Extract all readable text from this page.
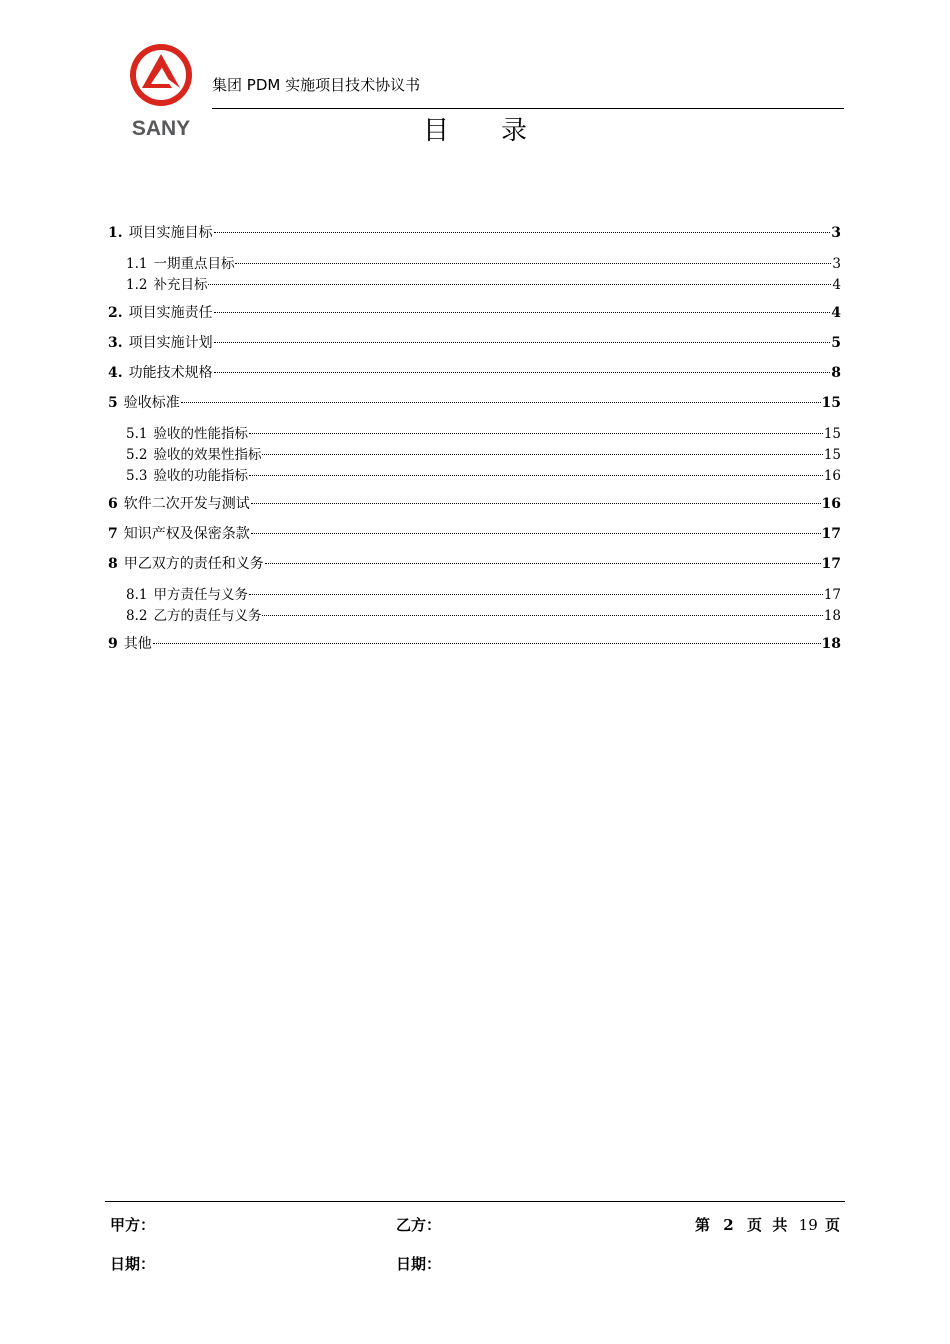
SANY
集团 PDM 实施项目技术协议书
目录
1. 项目实施目标	3
1.1 一期重点目标	3
1.2 补充目标	4
2. 项目实施责任	4
3. 项目实施计划	5
4. 功能技术规格	8
5 验收标准	15
5.1 验收的性能指标	15
5.2 验收的效果性指标	15
5.3 验收的功能指标	16
6 软件二次开发与测试	16
7 知识产权及保密条款	17
8 甲乙双方的责任和义务	17
8.1 甲方责任与义务	17
8.2 乙方的责任与义务	18
9 其他	18
甲方：	乙方：
日期：	日期：
第 2 页  共 19 页
